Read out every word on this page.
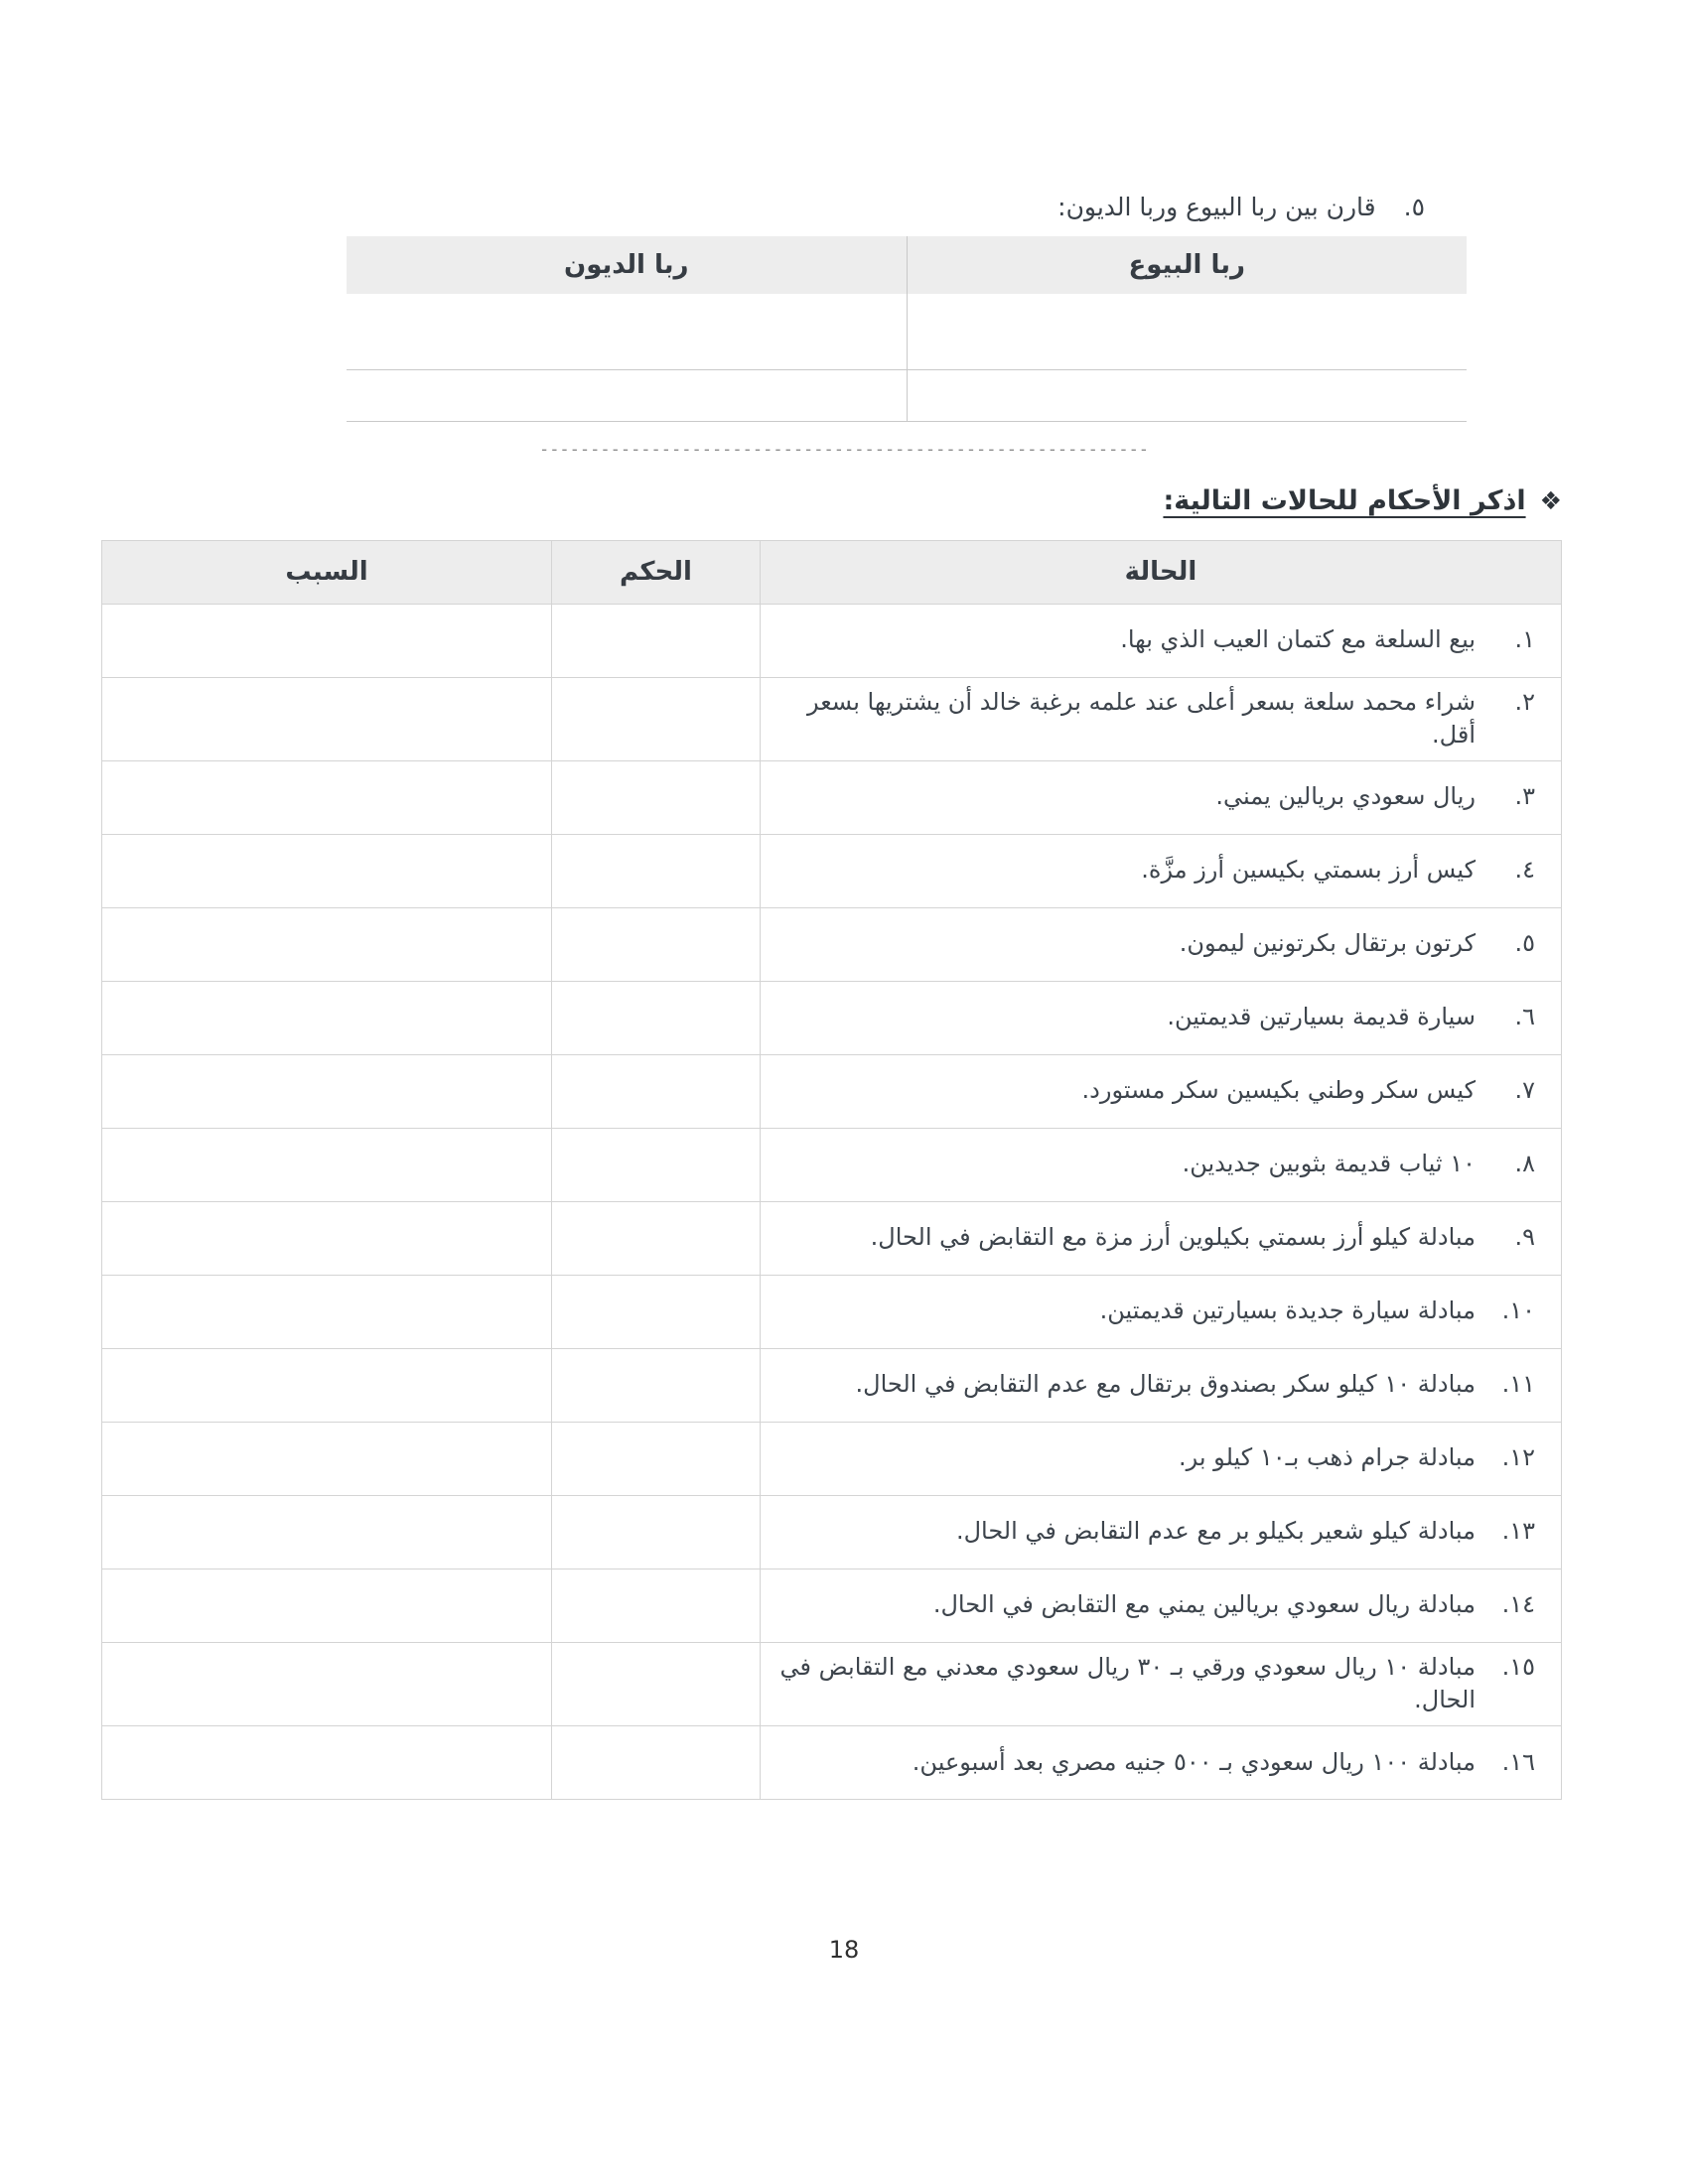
٥.قارن بين ربا البيوع وربا الديون:
ربا البيوع	ربا الديون

------------------------------------------------------------
❖
اذكر الأحكام للحالات التالية:
الحالة	الحكم	السبب

١.
بيع السلعة مع كتمان العيب الذي بها.		

٢.
شراء محمد سلعة بسعر أعلى عند علمه برغبة خالد أن يشتريها بسعر أقل.		

٣.
ريال سعودي بريالين يمني.		

٤.
كيس أرز بسمتي بكيسين أرز مزَّة.		

٥.
كرتون برتقال بكرتونين ليمون.		

٦.
سيارة قديمة بسيارتين قديمتين.		

٧.
كيس سكر وطني بكيسين سكر مستورد.		

٨.
١٠ ثياب قديمة بثوبين جديدين.		

٩.
مبادلة كيلو أرز بسمتي بكيلوين أرز مزة مع التقابض في الحال.		

١٠.
مبادلة سيارة جديدة بسيارتين قديمتين.		

١١.
مبادلة ١٠ كيلو سكر بصندوق برتقال مع عدم التقابض في الحال.		

١٢.
مبادلة جرام ذهب بـ١٠ كيلو بر.		

١٣.
مبادلة كيلو شعير بكيلو بر مع عدم التقابض في الحال.		

١٤.
مبادلة ريال سعودي بريالين يمني مع التقابض في الحال.		

١٥.
مبادلة ١٠ ريال سعودي ورقي بـ ٣٠ ريال سعودي معدني مع التقابض في الحال.		

١٦.
مبادلة ١٠٠ ريال سعودي بـ ٥٠٠ جنيه مصري بعد أسبوعين.		

18
